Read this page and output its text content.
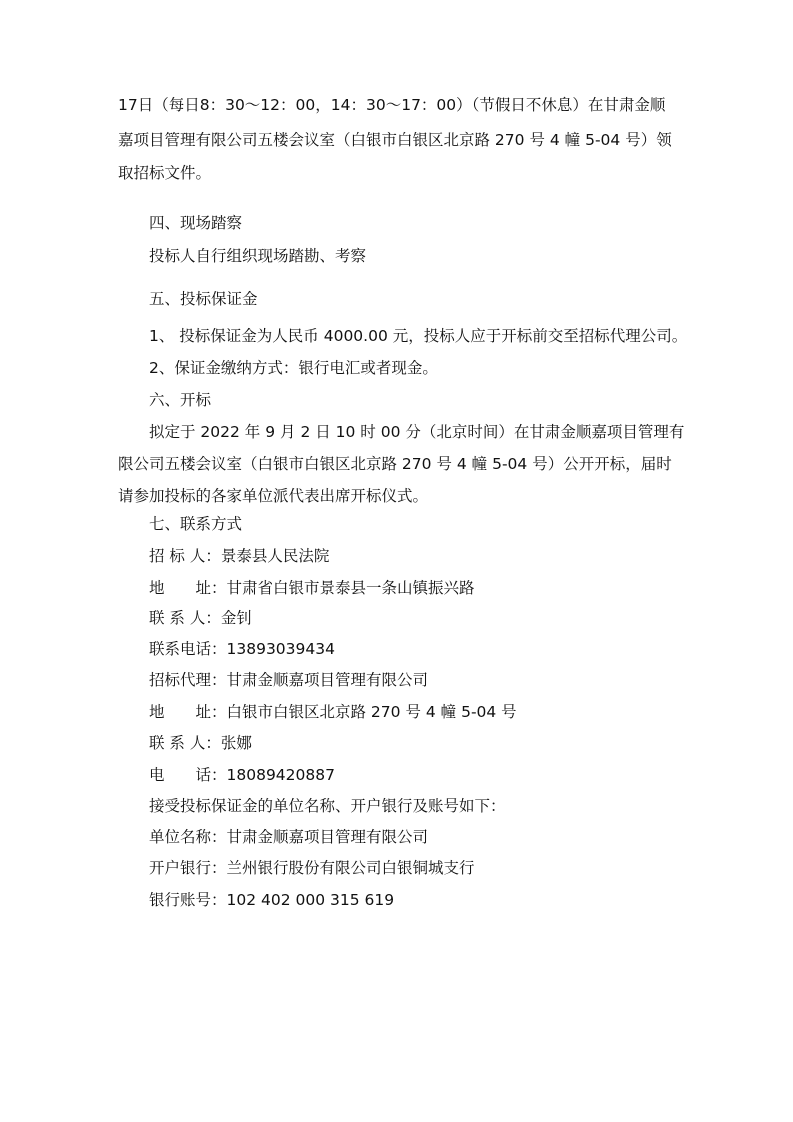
17日（每日8：30～12：00，14：30～17：00）（节假日不休息）在甘肃金顺
嘉项目管理有限公司五楼会议室（白银市白银区北京路 270 号 4 幢 5-04 号）领
取招标文件。
四、现场踏察
投标人自行组织现场踏勘、考察
五、投标保证金
1、 投标保证金为人民币 4000.00 元，投标人应于开标前交至招标代理公司。
2、保证金缴纳方式：银行电汇或者现金。
六、开标
拟定于 2022 年 9 月 2 日 10 时 00 分（北京时间）在甘肃金顺嘉项目管理有
限公司五楼会议室（白银市白银区北京路 270 号 4 幢 5-04 号）公开开标，届时
请参加投标的各家单位派代表出席开标仪式。
七、联系方式
招 标 人：景泰县人民法院
地　　址：甘肃省白银市景泰县一条山镇振兴路
联 系 人：金钊
联系电话：13893039434
招标代理：甘肃金顺嘉项目管理有限公司
地　　址：白银市白银区北京路 270 号 4 幢 5-04 号
联 系 人：张娜
电　　话：18089420887
接受投标保证金的单位名称、开户银行及账号如下：
单位名称：甘肃金顺嘉项目管理有限公司
开户银行：兰州银行股份有限公司白银铜城支行
银行账号：102 402 000 315 619
